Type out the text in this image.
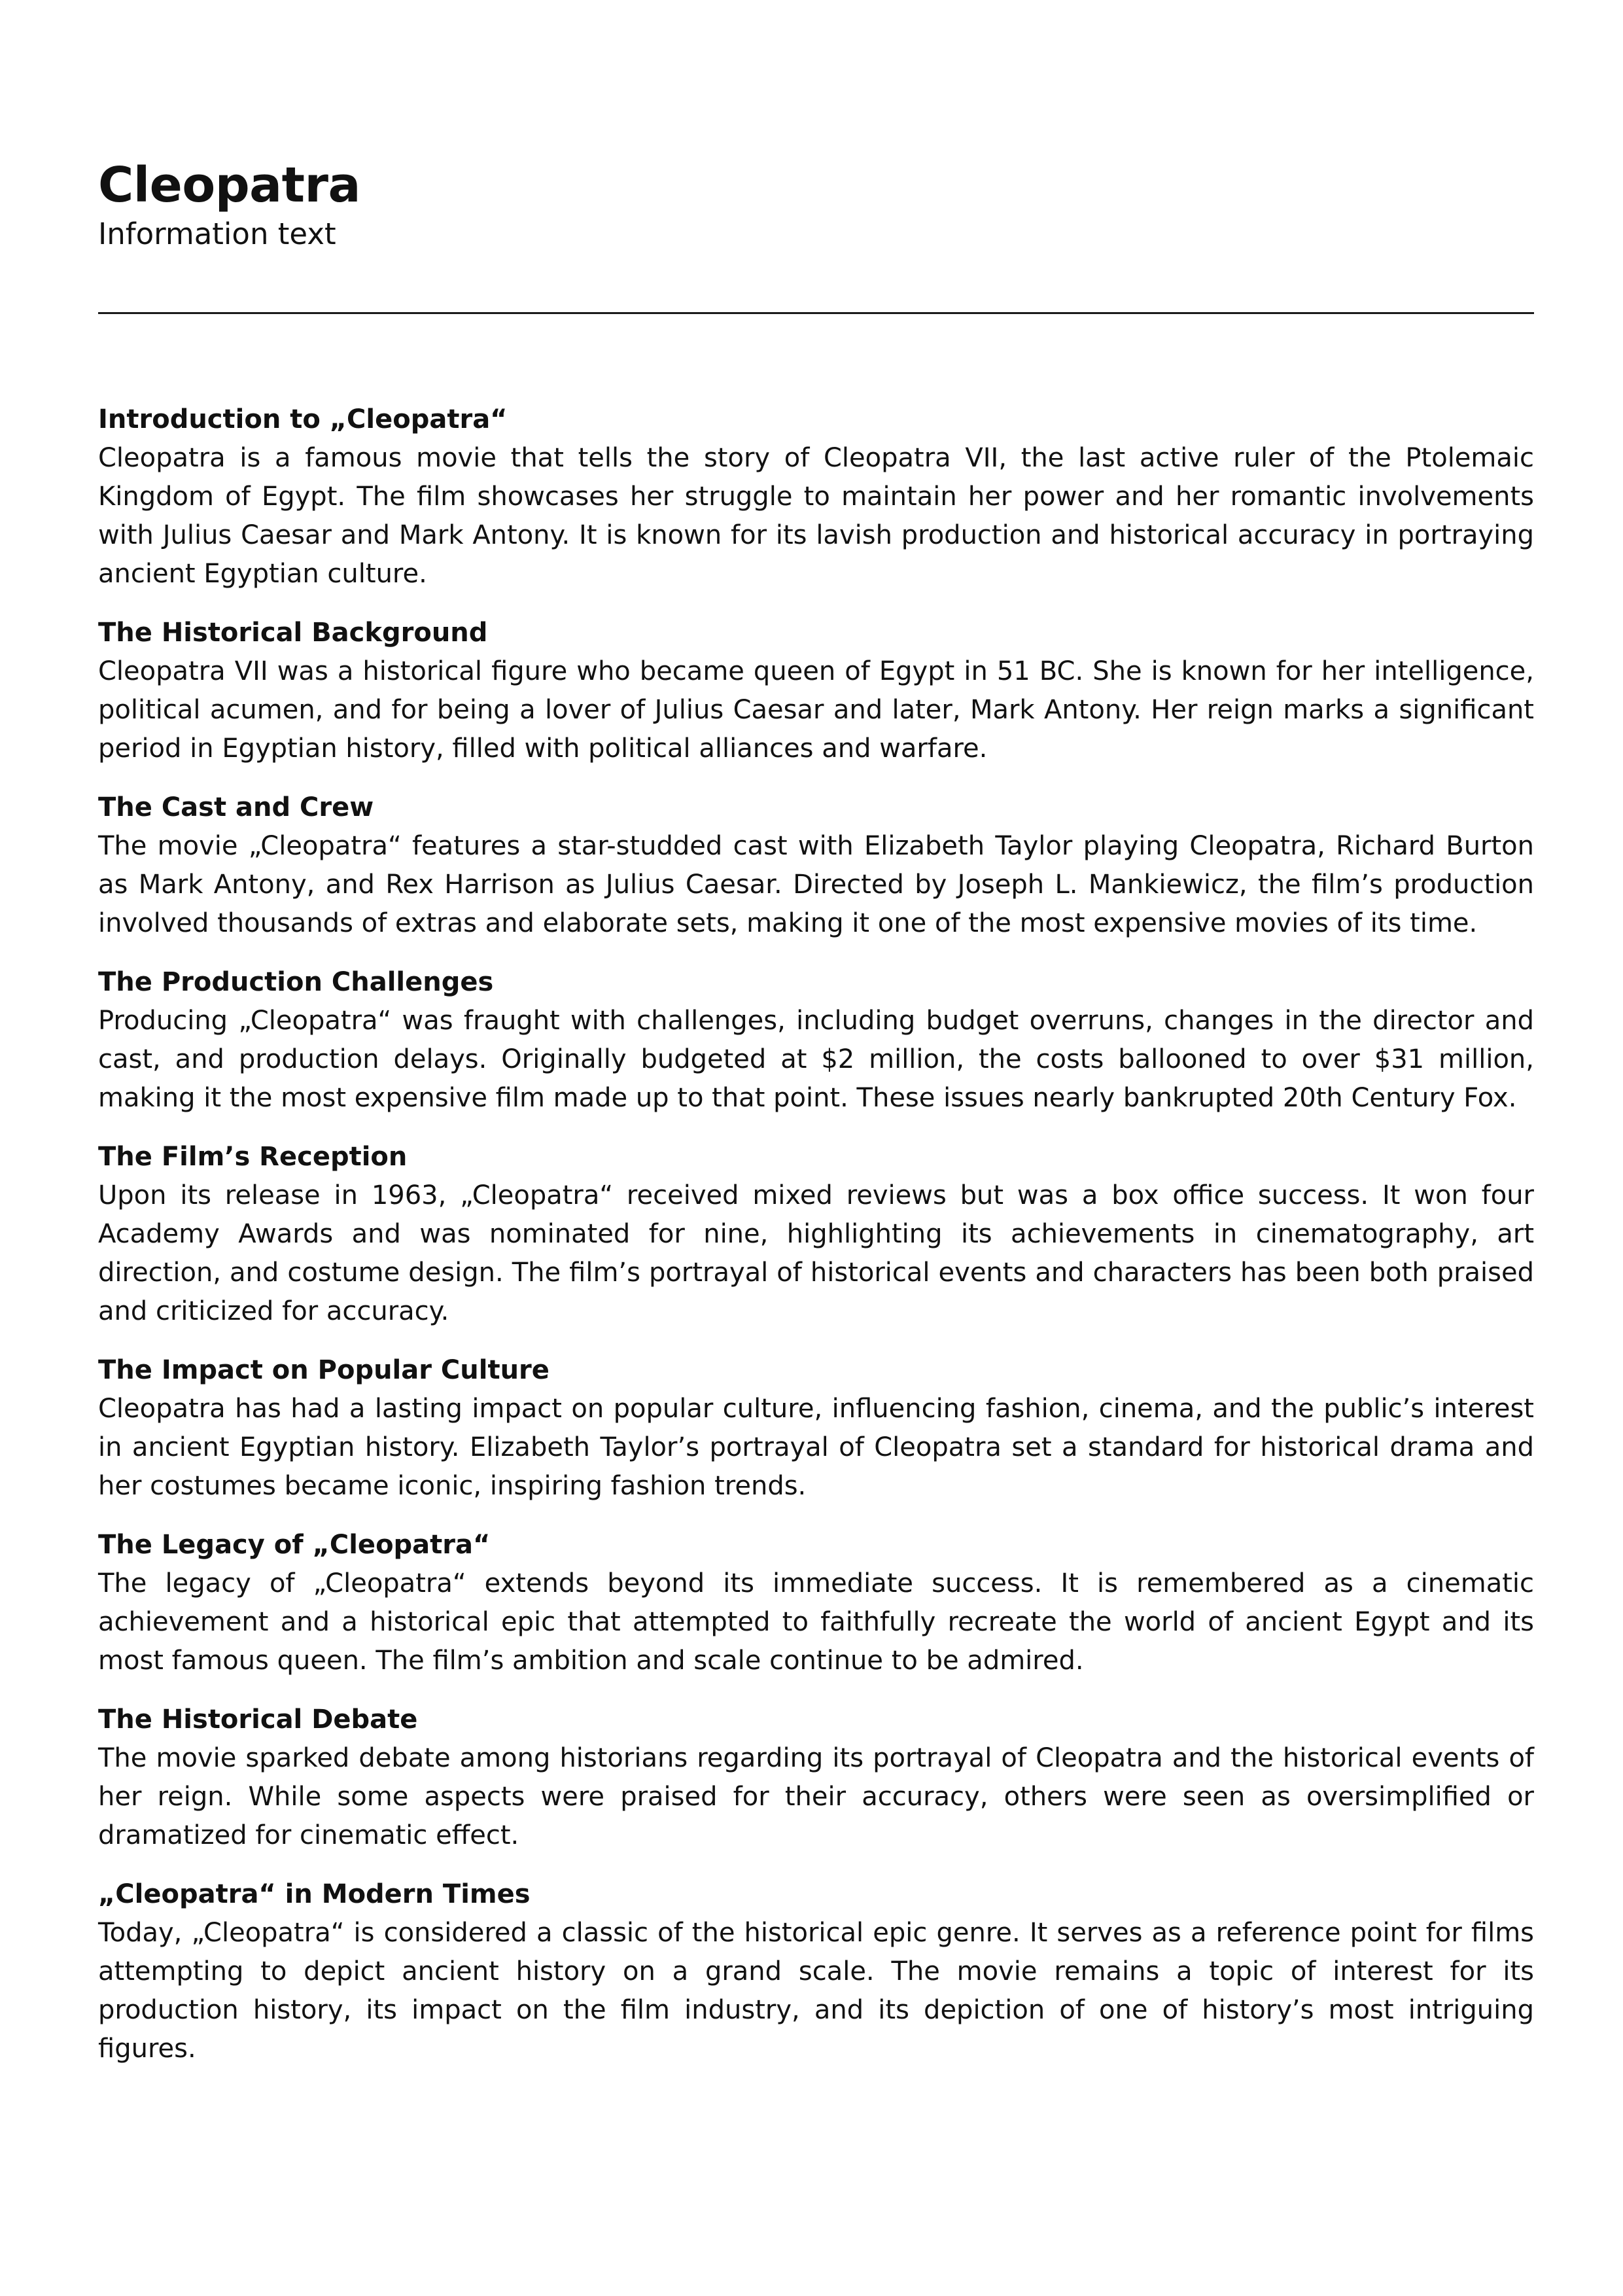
Cleopatra
Information text
Introduction to „Cleopatra“

Cleopatra is a famous movie that tells the story of Cleopatra VII, the last active ruler of the Ptolemaic Kingdom of Egypt. The film showcases her struggle to maintain her power and her romantic involvements with Julius Caesar and Mark Antony. It is known for its lavish production and historical accuracy in portraying ancient Egyptian culture.

The Historical Background

Cleopatra VII was a historical figure who became queen of Egypt in 51 BC. She is known for her intelligence, political acumen, and for being a lover of Julius Caesar and later, Mark Antony. Her reign marks a significant period in Egyptian history, filled with political alliances and warfare.

The Cast and Crew

The movie „Cleopatra“ features a star-studded cast with Elizabeth Taylor playing Cleopatra, Richard Burton as Mark Antony, and Rex Harrison as Julius Caesar. Directed by Joseph L. Mankiewicz, the film’s production involved thousands of extras and elaborate sets, making it one of the most expensive movies of its time.

The Production Challenges

Producing „Cleopatra“ was fraught with challenges, including budget overruns, changes in the director and cast, and production delays. Originally budgeted at $2 million, the costs ballooned to over $31 million, making it the most expensive film made up to that point. These issues nearly bankrupted 20th Century Fox.

The Film’s Reception

Upon its release in 1963, „Cleopatra“ received mixed reviews but was a box office success. It won four Academy Awards and was nominated for nine, highlighting its achievements in cinematography, art direction, and costume design. The film’s portrayal of historical events and characters has been both praised and criticized for accuracy.

The Impact on Popular Culture

Cleopatra has had a lasting impact on popular culture, influencing fashion, cinema, and the public’s interest in ancient Egyptian history. Elizabeth Taylor’s portrayal of Cleopatra set a standard for historical drama and her costumes became iconic, inspiring fashion trends.

The Legacy of „Cleopatra“

The legacy of „Cleopatra“ extends beyond its immediate success. It is remembered as a cinematic achievement and a historical epic that attempted to faithfully recreate the world of ancient Egypt and its most famous queen. The film’s ambition and scale continue to be admired.

The Historical Debate

The movie sparked debate among historians regarding its portrayal of Cleopatra and the historical events of her reign. While some aspects were praised for their accuracy, others were seen as oversimplified or dramatized for cinematic effect.

„Cleopatra“ in Modern Times

Today, „Cleopatra“ is considered a classic of the historical epic genre. It serves as a reference point for films attempting to depict ancient history on a grand scale. The movie remains a topic of interest for its production history, its impact on the film industry, and its depiction of one of history’s most intriguing figures.
